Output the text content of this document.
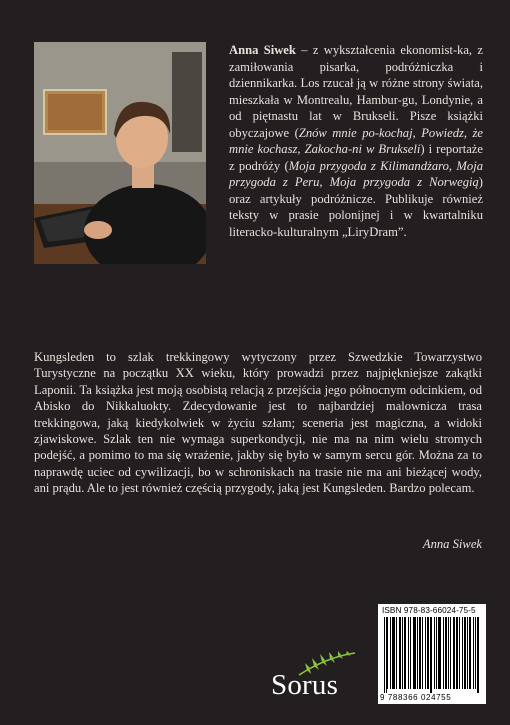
Anna Siwek – z wykształcenia ekonomist-ka, z zamiłowania pisarka, podróżniczka i dziennikarka. Los rzucał ją w różne strony świata, mieszkała w Montrealu, Hambur-gu, Londynie, a od piętnastu lat w Brukseli. Pisze książki obyczajowe (Znów mnie po-kochaj, Powiedz, że mnie kochasz, Zakocha-ni w Brukseli) i reportaże z podróży (Moja przygoda z Kilimandżaro, Moja przygoda z Peru, Moja przygoda z Norwegią) oraz artykuły podróżnicze. Publikuje również teksty w prasie polonijnej i w kwartalniku literacko-kulturalnym „LiryDram”.

Kungsleden to szlak trekkingowy wytyczony przez Szwedzkie Towarzystwo Turystyczne na początku XX wieku, który prowadzi przez najpiękniejsze zakątki Laponii. Ta książka jest moją osobistą relacją z przejścia jego północnym odcinkiem, od Abisko do Nikkaluokty. Zdecydowanie jest to najbardziej malownicza trasa trekkingowa, jaką kiedykolwiek w życiu szłam; sceneria jest magiczna, a widoki zjawiskowe. Szlak ten nie wymaga superkondycji, nie ma na nim wielu stromych podejść, a pomimo to ma się wrażenie, jakby się było w samym sercu gór. Można za to naprawdę uciec od cywilizacji, bo w schroniskach na trasie nie ma ani bieżącej wody, ani prądu. Ale to jest również częścią przygody, jaką jest Kungsleden. Bardzo polecam.

Anna Siwek

Sorus
ISBN 978-83-66024-75-5
9 788366 024755
